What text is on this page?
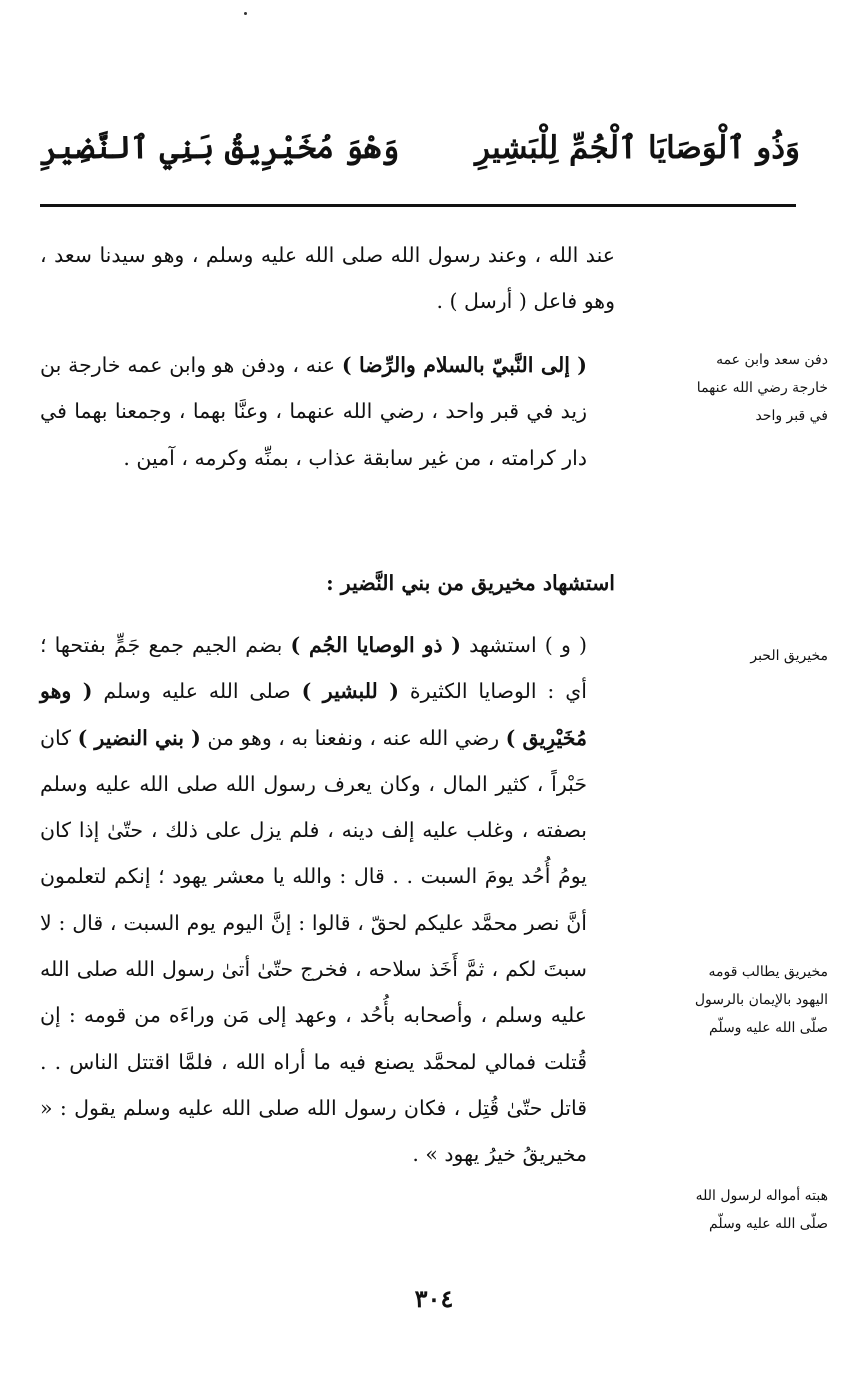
وَذُو ٱلْوَصَايَا ٱلْجُمِّ لِلْبَشِيرِ
وَهْوَ مُخَيْرِيقُ بَنِي ٱلنَّضِيرِ

عند الله ، وعند رسول الله صلى الله عليه وسلم ، وهو سيدنا سعد ، وهو فاعل ( أرسل ) .

( إلى النَّبيّ بالسلام والرِّضا ) عنه ، ودفن هو وابن عمه خارجة بن زيد في قبر واحد ، رضي الله عنهما ، وعنَّا بهما ، وجمعنا بهما في دار كرامته ، من غير سابقة عذاب ، بمنِّه وكرمه ، آمين .

استشهاد مخيريق من بني النَّضير :

( و ) استشهد ( ذو الوصايا الجُم ) بضم الجيم جمع جَمٍّ بفتحها ؛ أي : الوصايا الكثيرة ( للبشير ) صلى الله عليه وسلم ( وهو مُخَيْرِيق ) رضي الله عنه ، ونفعنا به ، وهو من ( بني النضير ) كان حَبْراً ، كثير المال ، وكان يعرف رسول الله صلى الله عليه وسلم بصفته ، وغلب عليه إلف دينه ، فلم يزل على ذلك ، حتّىٰ إذا كان يومُ أُحُد يومَ السبت . . قال : والله يا معشر يهود ؛ إنكم لتعلمون أنَّ نصر محمَّد عليكم لحقّ ، قالوا : إنَّ اليوم يوم السبت ، قال : لا سبتَ لكم ، ثمَّ أَخَذ سلاحه ، فخرج حتّىٰ أتىٰ رسول الله صلى الله عليه وسلم ، وأصحابه بأُحُد ، وعهد إلى مَن وراءَه من قومه : إن قُتلت فمالي لمحمَّد يصنع فيه ما أراه الله ، فلمَّا اقتتل الناس . . قاتل حتّىٰ قُتِل ، فكان رسول الله صلى الله عليه وسلم يقول : « مخيريقُ خيرُ يهود » .

دفن سعد وابن عمه خارجة رضي الله عنهما في قبر واحد
مخيريق الحبر
مخيريق يطالب قومه اليهود بالإيمان بالرسول صلّى الله عليه وسلّم
هبته أمواله لرسول الله صلّى الله عليه وسلّم
٣٠٤
